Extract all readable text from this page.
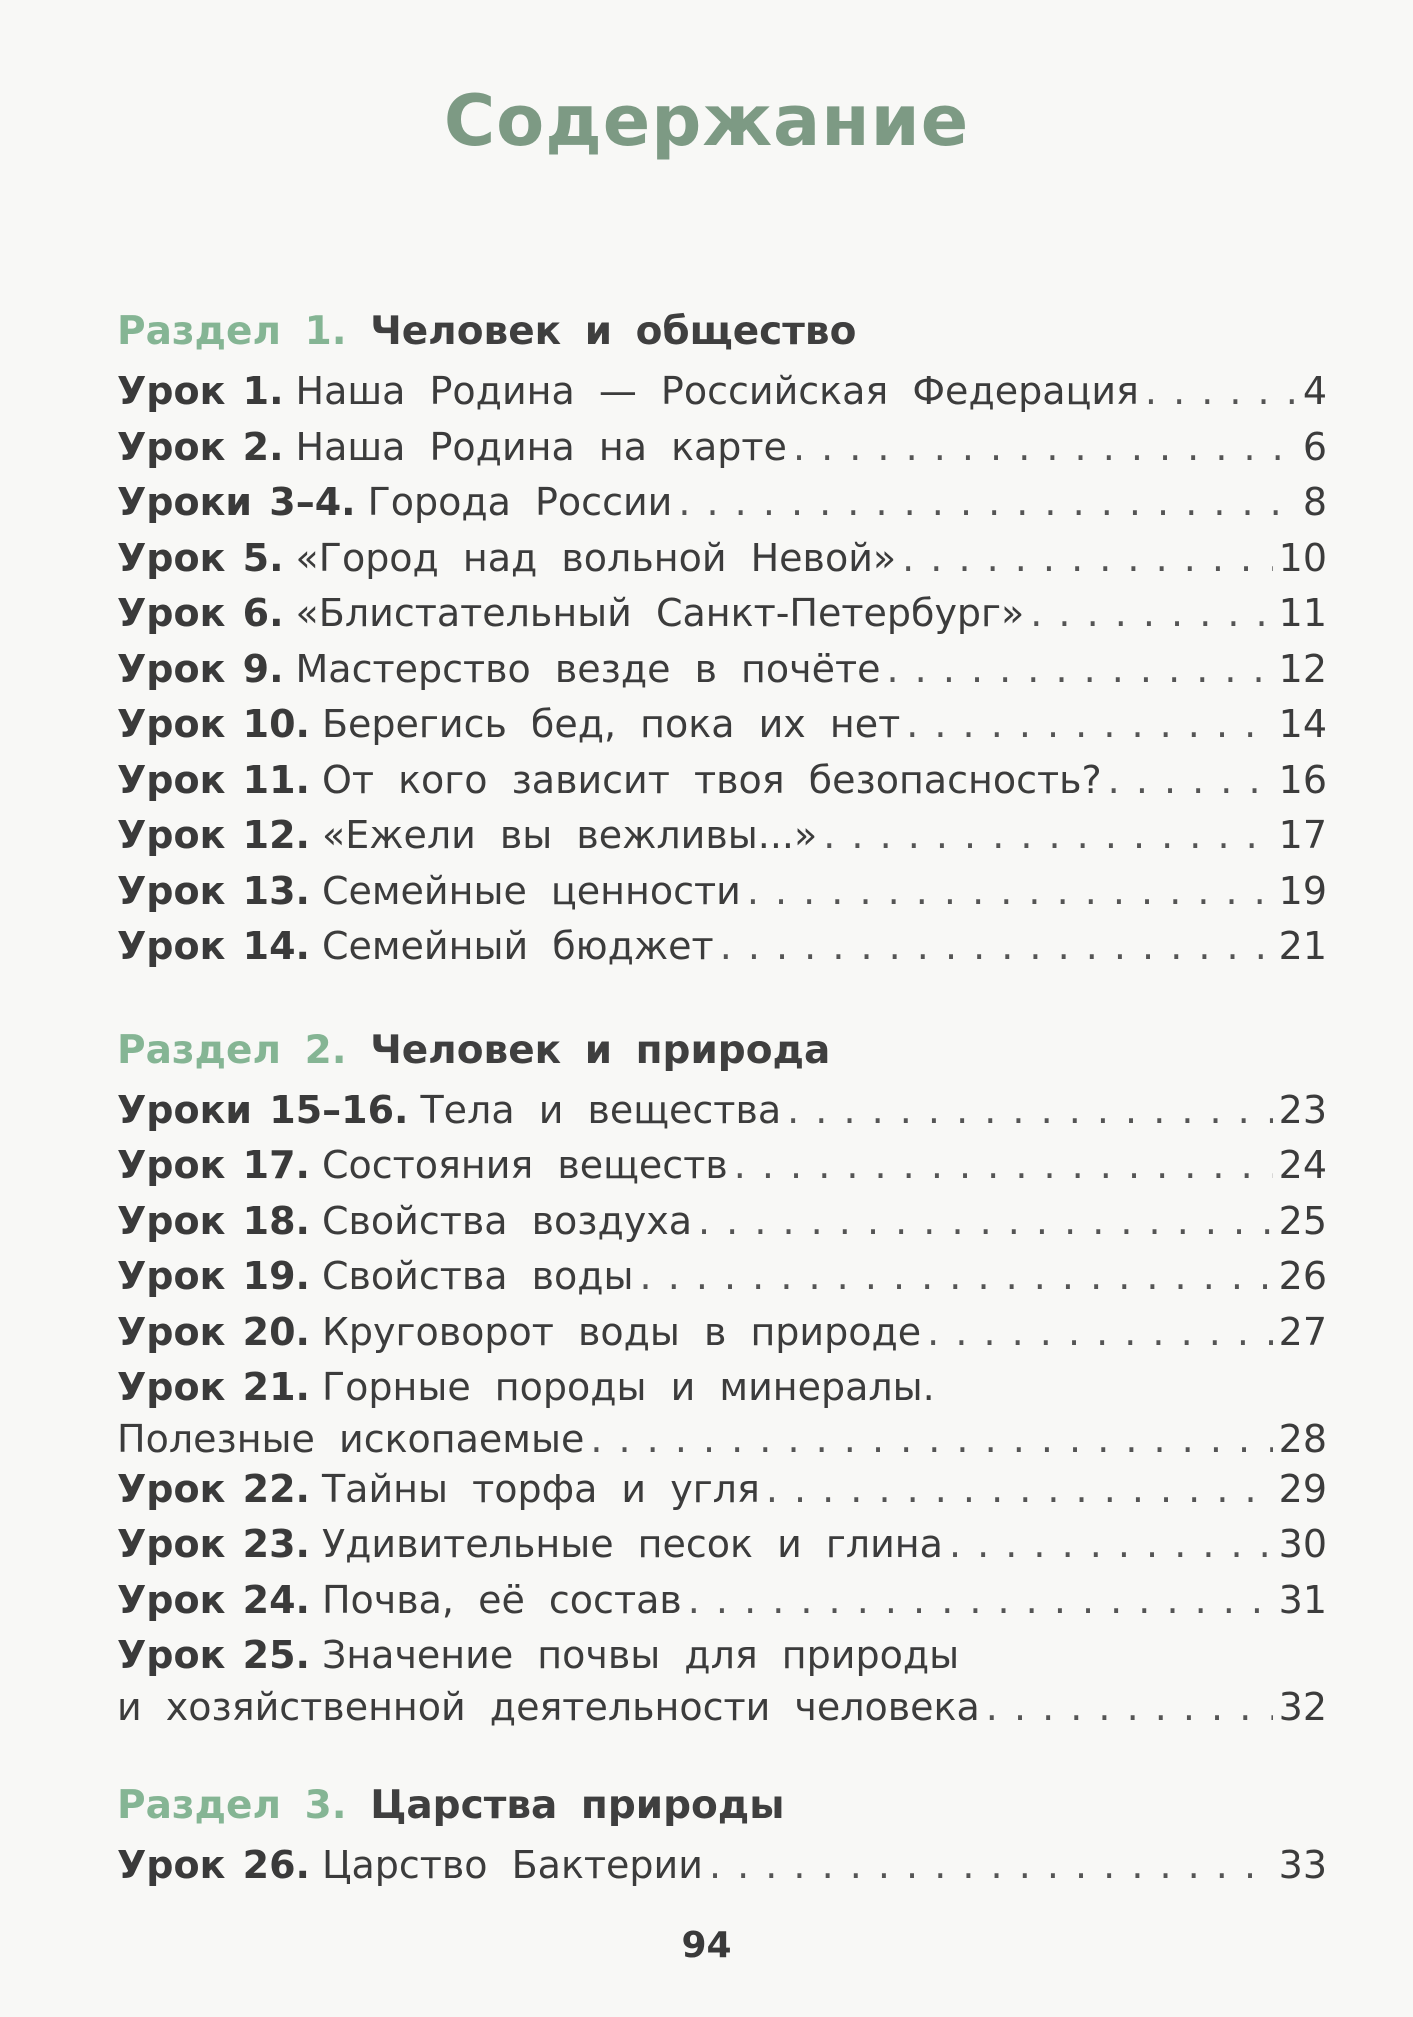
Содержание
Раздел 1. Человек и общество
Урок 1. Наша Родина — Российская Федерация . . .	4
Урок 2. Наша Родина на карте . . .	6
Уроки 3–4. Города России . . .	8
Урок 5. «Город над вольной Невой» . . .	10
Урок 6. «Блистательный Санкт-Петербург» . . .	11
Урок 9. Мастерство везде в почёте . . .	12
Урок 10. Берегись бед, пока их нет . . .	14
Урок 11. От кого зависит твоя безопасность? . . .	16
Урок 12. «Ежели вы вежливы...» . . .	17
Урок 13. Семейные ценности . . .	19
Урок 14. Семейный бюджет . . .	21
Раздел 2. Человек и природа
Уроки 15–16. Тела и вещества . . .	23
Урок 17. Состояния веществ . . .	24
Урок 18. Свойства воздуха . . .	25
Урок 19. Свойства воды . . .	26
Урок 20. Круговорот воды в природе . . .	27
Урок 21. Горные породы и минералы.
Полезные ископаемые . . .	28
Урок 22. Тайны торфа и угля . . .	29
Урок 23. Удивительные песок и глина . . .	30
Урок 24. Почва, её состав . . .	31
Урок 25. Значение почвы для природы
и хозяйственной деятельности человека . . .	32
Раздел 3. Царства природы
Урок 26. Царство Бактерии . . .	33
94
